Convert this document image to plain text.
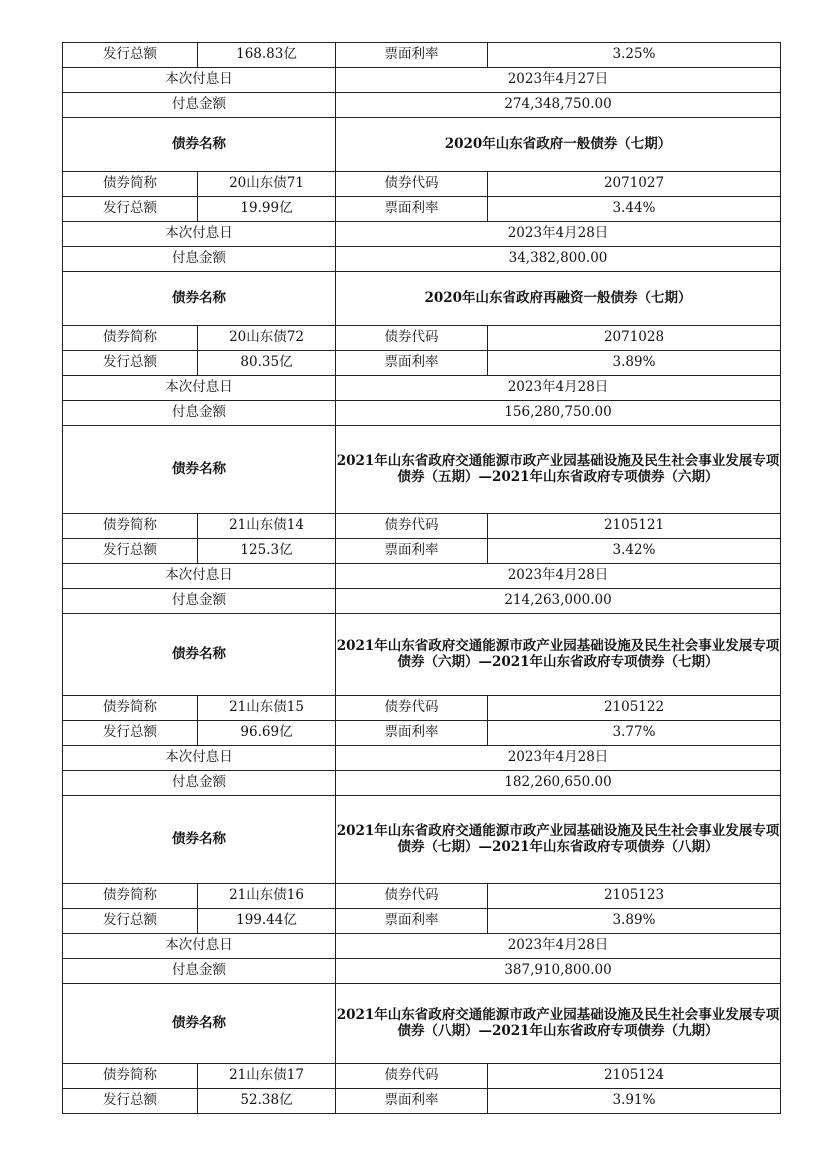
发行总额	168.83亿	票面利率	3.25%
本次付息日		2023年4月27日	
付息金额		274,348,750.00	
债券名称		2020年山东省政府一般债券（七期）	
债券简称	20山东债71	债券代码	2071027
发行总额	19.99亿	票面利率	3.44%
本次付息日		2023年4月28日	
付息金额		34,382,800.00	
债券名称		2020年山东省政府再融资一般债券（七期）	
债券简称	20山东债72	债券代码	2071028
发行总额	80.35亿	票面利率	3.89%
本次付息日		2023年4月28日	
付息金额		156,280,750.00	
债券名称		2021年山东省政府交通能源市政产业园基础设施及民生社会事业发展专项债券（五期）—2021年山东省政府专项债券（六期）	
债券简称	21山东债14	债券代码	2105121
发行总额	125.3亿	票面利率	3.42%
本次付息日		2023年4月28日	
付息金额		214,263,000.00	
债券名称		2021年山东省政府交通能源市政产业园基础设施及民生社会事业发展专项债券（六期）—2021年山东省政府专项债券（七期）	
债券简称	21山东债15	债券代码	2105122
发行总额	96.69亿	票面利率	3.77%
本次付息日		2023年4月28日	
付息金额		182,260,650.00	
债券名称		2021年山东省政府交通能源市政产业园基础设施及民生社会事业发展专项债券（七期）—2021年山东省政府专项债券（八期）	
债券简称	21山东债16	债券代码	2105123
发行总额	199.44亿	票面利率	3.89%
本次付息日		2023年4月28日	
付息金额		387,910,800.00	
债券名称		2021年山东省政府交通能源市政产业园基础设施及民生社会事业发展专项债券（八期）—2021年山东省政府专项债券（九期）	
债券简称	21山东债17	债券代码	2105124
发行总额	52.38亿	票面利率	3.91%
